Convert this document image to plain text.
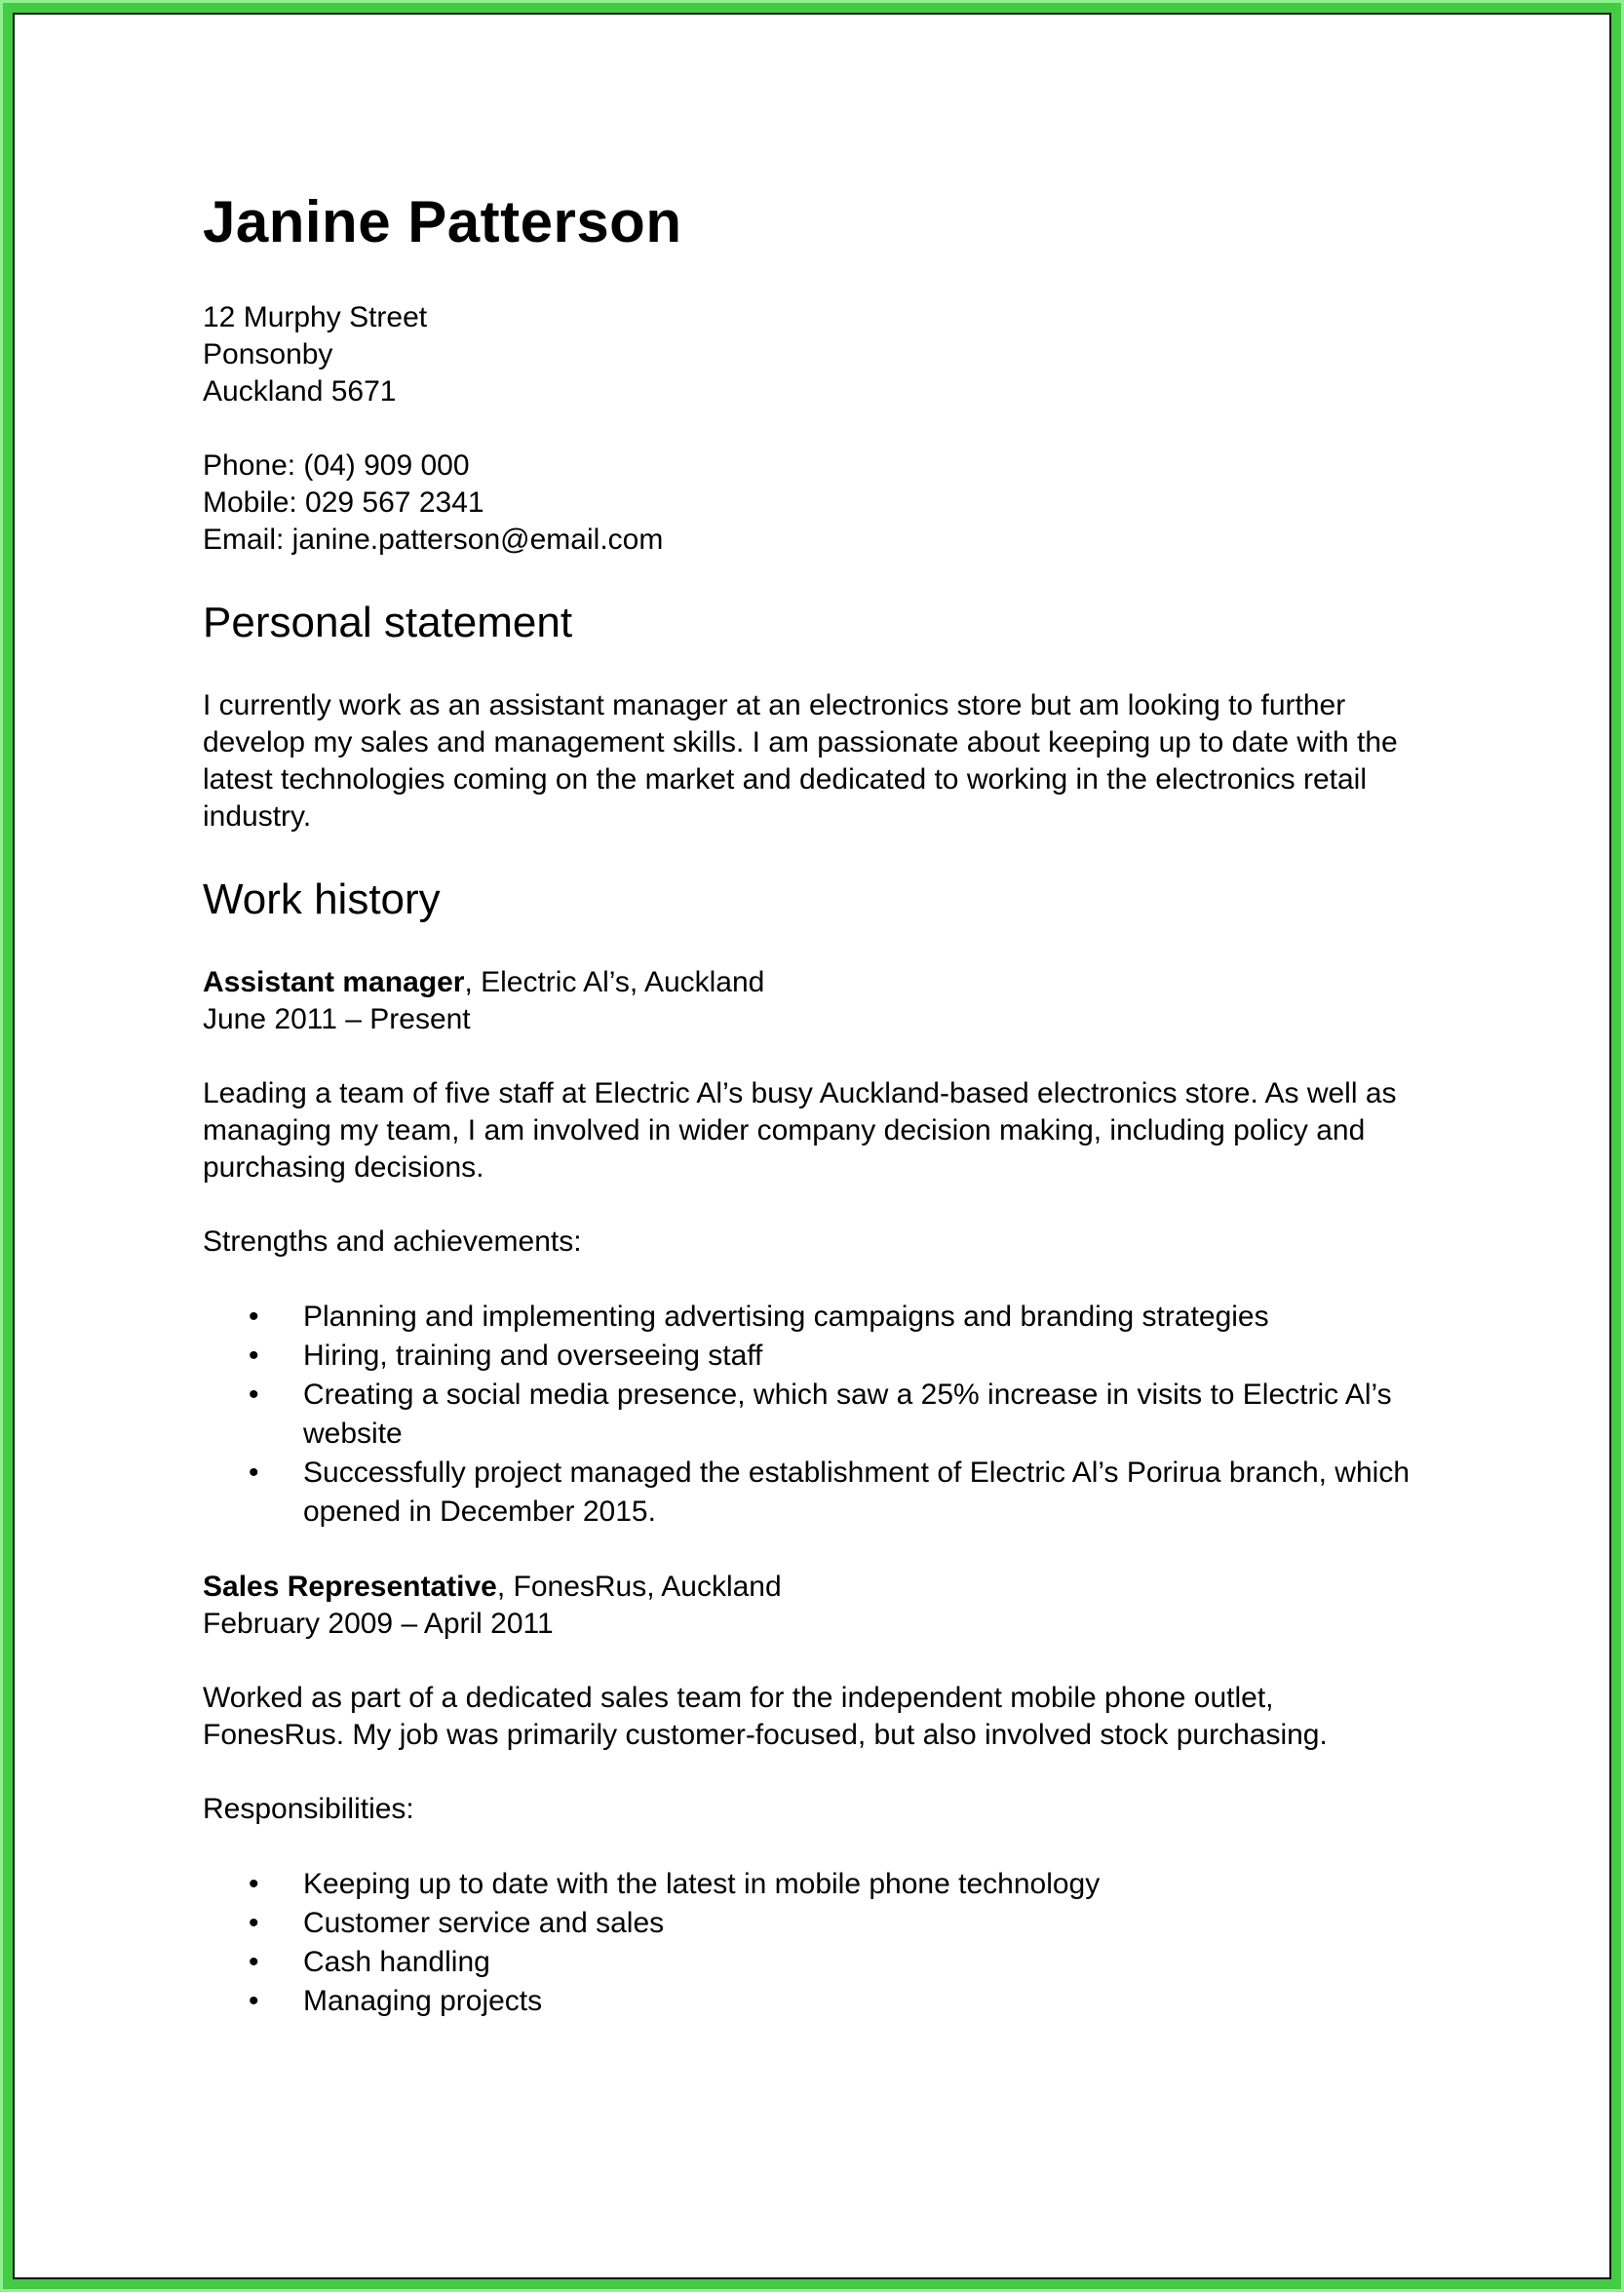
Janine Patterson
12 Murphy Street
Ponsonby
Auckland 5671
Phone: (04) 909 000
Mobile: 029 567 2341
Email: janine.patterson@email.com
Personal statement

I currently work as an assistant manager at an electronics store but am looking to further develop my sales and management skills. I am passionate about keeping up to date with the latest technologies coming on the market and dedicated to working in the electronics retail industry.

Work history
Assistant manager, Electric Al’s, Auckland
June 2011 – Present

Leading a team of five staff at Electric Al’s busy Auckland-based electronics store. As well as managing my team, I am involved in wider company decision making, including policy and purchasing decisions.

Strengths and achievements:
• Planning and implementing advertising campaigns and branding strategies
• Hiring, training and overseeing staff
• Creating a social media presence, which saw a 25% increase in visits to Electric Al’s website
• Successfully project managed the establishment of Electric Al’s Porirua branch, which opened in December 2015.
Sales Representative, FonesRus, Auckland
February 2009 – April 2011

Worked as part of a dedicated sales team for the independent mobile phone outlet, FonesRus. My job was primarily customer-focused, but also involved stock purchasing.

Responsibilities:
• Keeping up to date with the latest in mobile phone technology
• Customer service and sales
• Cash handling
• Managing projects
